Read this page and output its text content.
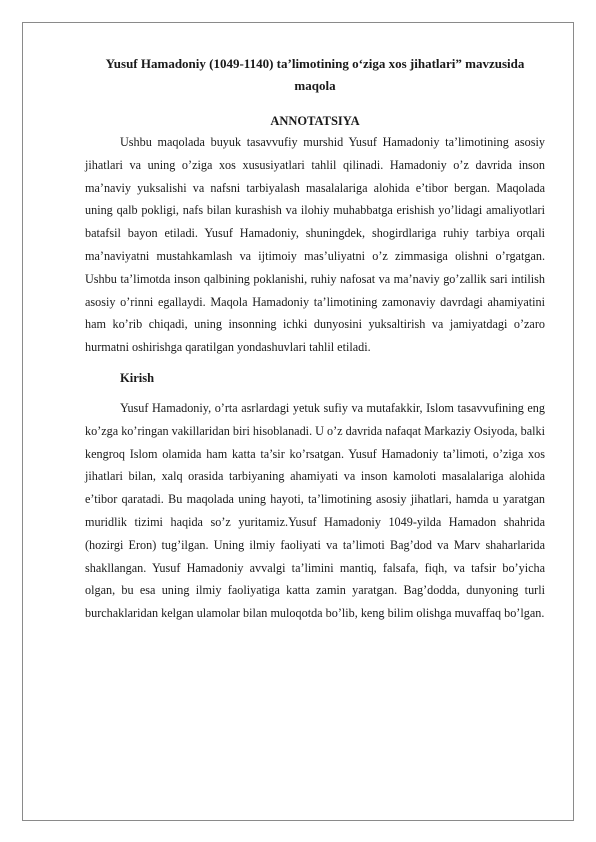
Yusuf Hamadoniy (1049-1140) ta’limotining o‘ziga xos jihatlari” mavzusida maqola

ANNOTATSIYA

Ushbu maqolada buyuk tasavvufiy murshid Yusuf Hamadoniy ta’limotining asosiy jihatlari va uning o’ziga xos xususiyatlari tahlil qilinadi. Hamadoniy o’z davrida inson ma’naviy yuksalishi va nafsni tarbiyalash masalalariga alohida e’tibor bergan. Maqolada uning qalb pokligi, nafs bilan kurashish va ilohiy muhabbatga erishish yo’lidagi amaliyotlari batafsil bayon etiladi. Yusuf Hamadoniy, shuningdek, shogirdlariga ruhiy tarbiya orqali ma’naviyatni mustahkamlash va ijtimoiy mas’uliyatni o’z zimmasiga olishni o’rgatgan. Ushbu ta’limotda inson qalbining poklanishi, ruhiy nafosat va ma’naviy go’zallik sari intilish asosiy o’rinni egallaydi. Maqola Hamadoniy ta’limotining zamonaviy davrdagi ahamiyatini ham ko’rib chiqadi, uning insonning ichki dunyosini yuksaltirish va jamiyatdagi o’zaro hurmatni oshirishga qaratilgan yondashuvlari tahlil etiladi.

Kirish

Yusuf Hamadoniy, o’rta asrlardagi yetuk sufiy va mutafakkir, Islom tasavvufining eng ko’zga ko’ringan vakillaridan biri hisoblanadi. U o’z davrida nafaqat Markaziy Osiyoda, balki kengroq Islom olamida ham katta ta’sir ko’rsatgan. Yusuf Hamadoniy ta’limoti, o’ziga xos jihatlari bilan, xalq orasida tarbiyaning ahamiyati va inson kamoloti masalalariga alohida e’tibor qaratadi. Bu maqolada uning hayoti, ta’limotining asosiy jihatlari, hamda u yaratgan muridlik tizimi haqida so’z yuritamiz.Yusuf Hamadoniy 1049-yilda Hamadon shahrida (hozirgi Eron) tug’ilgan. Uning ilmiy faoliyati va ta’limoti Bag’dod va Marv shaharlarida shakllangan. Yusuf Hamadoniy avvalgi ta’limini mantiq, falsafa, fiqh, va tafsir bo’yicha olgan, bu esa uning ilmiy faoliyatiga katta zamin yaratgan. Bag’dodda, dunyoning turli burchaklaridan kelgan ulamolar bilan muloqotda bo’lib, keng bilim olishga muvaffaq bo’lgan.
